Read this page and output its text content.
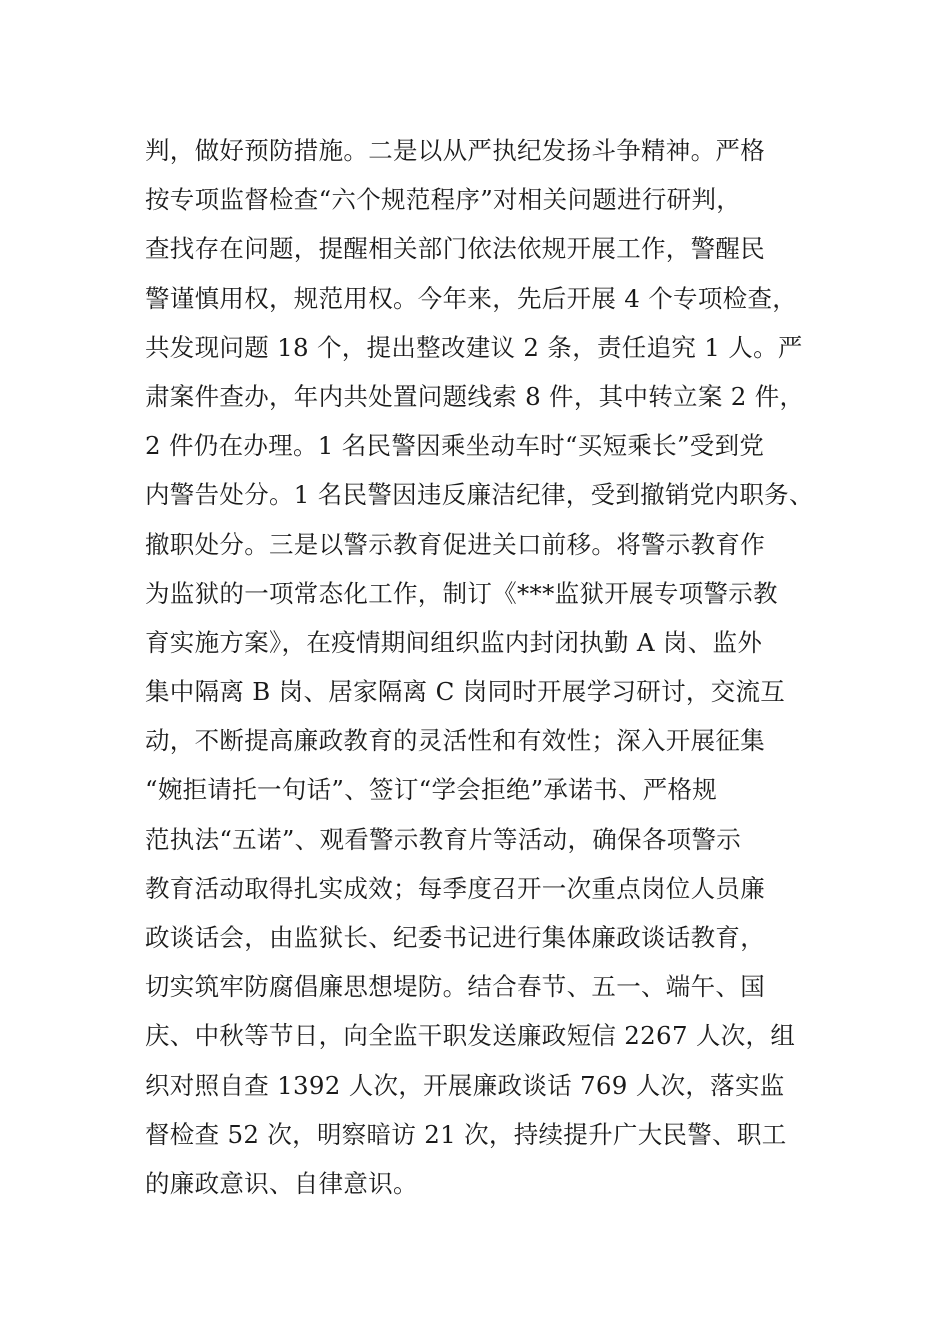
判，做好预防措施。二是以从严执纪发扬斗争精神。严格
按专项监督检查“六个规范程序”对相关问题进行研判，
查找存在问题，提醒相关部门依法依规开展工作，警醒民
警谨慎用权，规范用权。今年来，先后开展 4 个专项检查，
共发现问题 18 个，提出整改建议 2 条，责任追究 1 人。严
肃案件查办，年内共处置问题线索 8 件，其中转立案 2 件，
2 件仍在办理。1 名民警因乘坐动车时“买短乘长”受到党
内警告处分。1 名民警因违反廉洁纪律，受到撤销党内职务、
撤职处分。三是以警示教育促进关口前移。将警示教育作
为监狱的一项常态化工作，制订《***监狱开展专项警示教
育实施方案》，在疫情期间组织监内封闭执勤 A 岗、监外
集中隔离 B 岗、居家隔离 C 岗同时开展学习研讨，交流互
动，不断提高廉政教育的灵活性和有效性；深入开展征集
“婉拒请托一句话”、签订“学会拒绝”承诺书、严格规
范执法“五诺”、观看警示教育片等活动，确保各项警示
教育活动取得扎实成效；每季度召开一次重点岗位人员廉
政谈话会，由监狱长、纪委书记进行集体廉政谈话教育，
切实筑牢防腐倡廉思想堤防。结合春节、五一、端午、国
庆、中秋等节日，向全监干职发送廉政短信 2267 人次，组
织对照自查 1392 人次，开展廉政谈话 769 人次，落实监
督检查 52 次，明察暗访 21 次，持续提升广大民警、职工
的廉政意识、自律意识。
